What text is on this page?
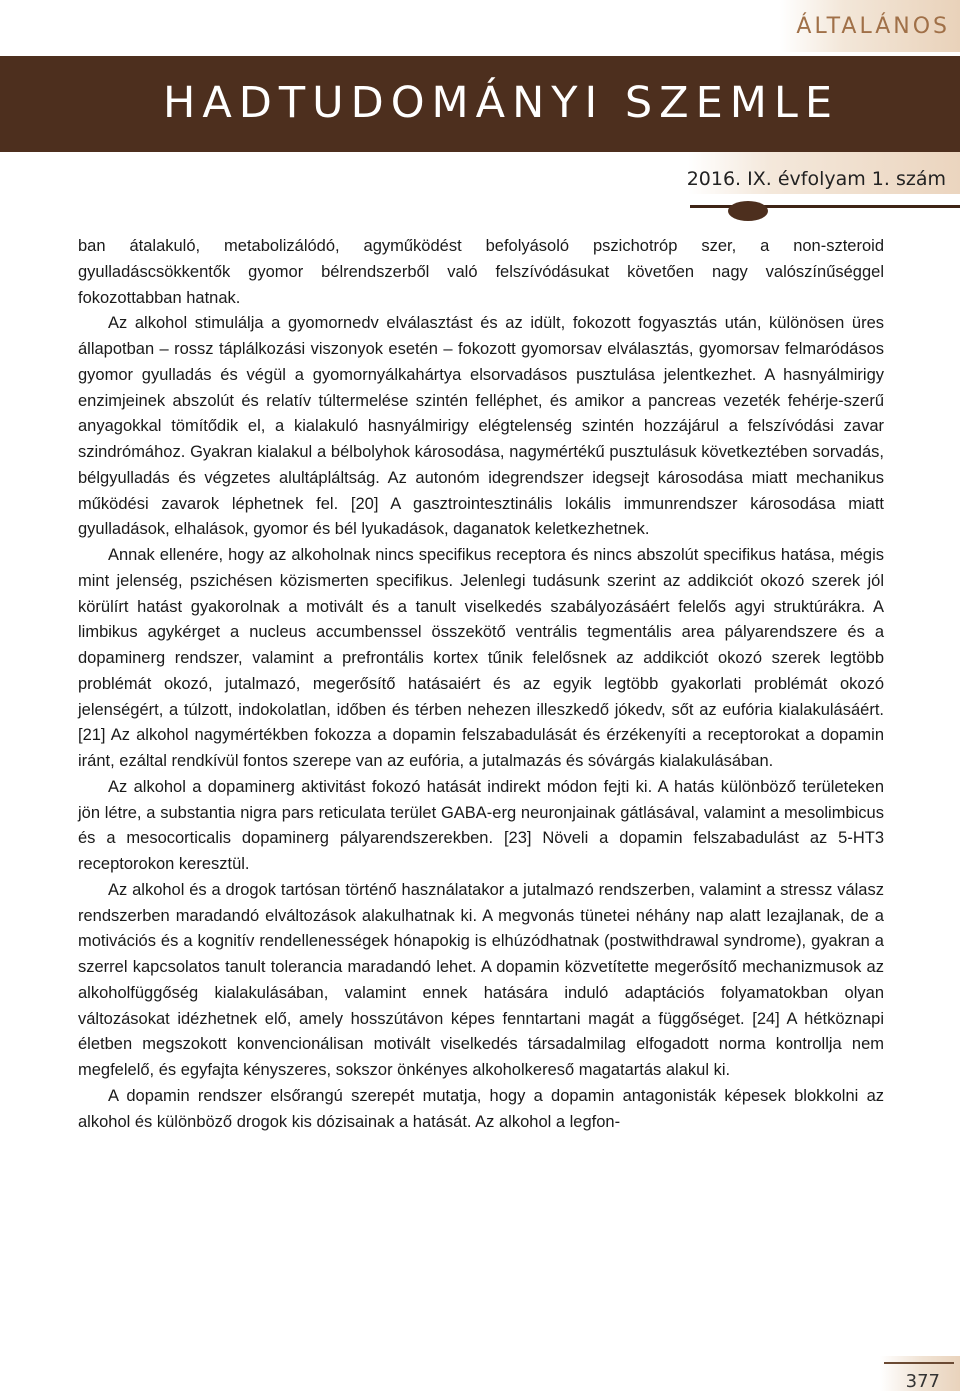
ÁLTALÁNOS
HADTUDOMÁNYI SZEMLE
2016. IX. évfolyam 1. szám

ban átalakuló, metabolizálódó, agyműködést befolyásoló pszichotróp szer, a non-szteroid gyulladáscsökkentők gyomor bélrendszerből való felszívódásukat követően nagy valószínűséggel fokozottabban hatnak.

Az alkohol stimulálja a gyomornedv elválasztást és az idült, fokozott fogyasztás után, különösen üres állapotban – rossz táplálkozási viszonyok esetén – fokozott gyomorsav elválasztás, gyomorsav felmaródásos gyomor gyulladás és végül a gyomornyálkahártya elsorvadásos pusztulása jelentkezhet. A hasnyálmirigy enzimjeinek abszolút és relatív túltermelése szintén felléphet, és amikor a pancreas vezeték fehérje-szerű anyagokkal tömítődik el, a kialakuló hasnyálmirigy elégtelenség szintén hozzájárul a felszívódási zavar szindrómához. Gyakran kialakul a bélbolyhok károsodása, nagymértékű pusztulásuk következtében sorvadás, bélgyulladás és végzetes alultápláltság. Az autonóm idegrendszer idegsejt károsodása miatt mechanikus működési zavarok léphetnek fel. [20] A gasztrointesztinális lokális immunrendszer károsodása miatt gyulladások, elhalások, gyomor és bél lyukadások, daganatok keletkezhetnek.

Annak ellenére, hogy az alkoholnak nincs specifikus receptora és nincs abszolút specifikus hatása, mégis mint jelenség, pszichésen közismerten specifikus. Jelenlegi tudásunk szerint az addikciót okozó szerek jól körülírt hatást gyakorolnak a motivált és a tanult viselkedés szabályozásáért felelős agyi struktúrákra. A limbikus agykérget a nucleus accumbenssel összekötő ventrális tegmentális area pályarendszere és a dopaminerg rendszer, valamint a prefrontális kortex tűnik felelősnek az addikciót okozó szerek legtöbb problémát okozó, jutalmazó, megerősítő hatásaiért és az egyik legtöbb gyakorlati problémát okozó jelenségért, a túlzott, indokolatlan, időben és térben nehezen illeszkedő jókedv, sőt az eufória kialakulásáért. [21] Az alkohol nagymértékben fokozza a dopamin felszabadulását és érzékenyíti a receptorokat a dopamin iránt, ezáltal rendkívül fontos szerepe van az eufória, a jutalmazás és sóvárgás kialakulásában.

Az alkohol a dopaminerg aktivitást fokozó hatását indirekt módon fejti ki. A hatás különböző területeken jön létre, a substantia nigra pars reticulata terület GABA-erg neuronjainak gátlásával, valamint a mesolimbicus és a mesocorticalis dopaminerg pályarendszerekben. [23] Növeli a dopamin felszabadulást az 5-HT3 receptorokon keresztül.

Az alkohol és a drogok tartósan történő használatakor a jutalmazó rendszerben, valamint a stressz válasz rendszerben maradandó elváltozások alakulhatnak ki. A megvonás tünetei néhány nap alatt lezajlanak, de a motivációs és a kognitív rendellenességek hónapokig is elhúzódhatnak (postwithdrawal syndrome), gyakran a szerrel kapcsolatos tanult tolerancia maradandó lehet. A dopamin közvetítette megerősítő mechanizmusok az alkoholfüggőség kialakulásában, valamint ennek hatására induló adaptációs folyamatokban olyan változásokat idézhetnek elő, amely hosszútávon képes fenntartani magát a függőséget. [24] A hétköznapi életben megszokott konvencionálisan motivált viselkedés társadalmilag elfogadott norma kontrollja nem megfelelő, és egyfajta kényszeres, sokszor önkényes alkoholkereső magatartás alakul ki.

A dopamin rendszer elsőrangú szerepét mutatja, hogy a dopamin antagonisták képesek blokkolni az alkohol és különböző drogok kis dózisainak a hatását. Az alkohol a legfon-

377
